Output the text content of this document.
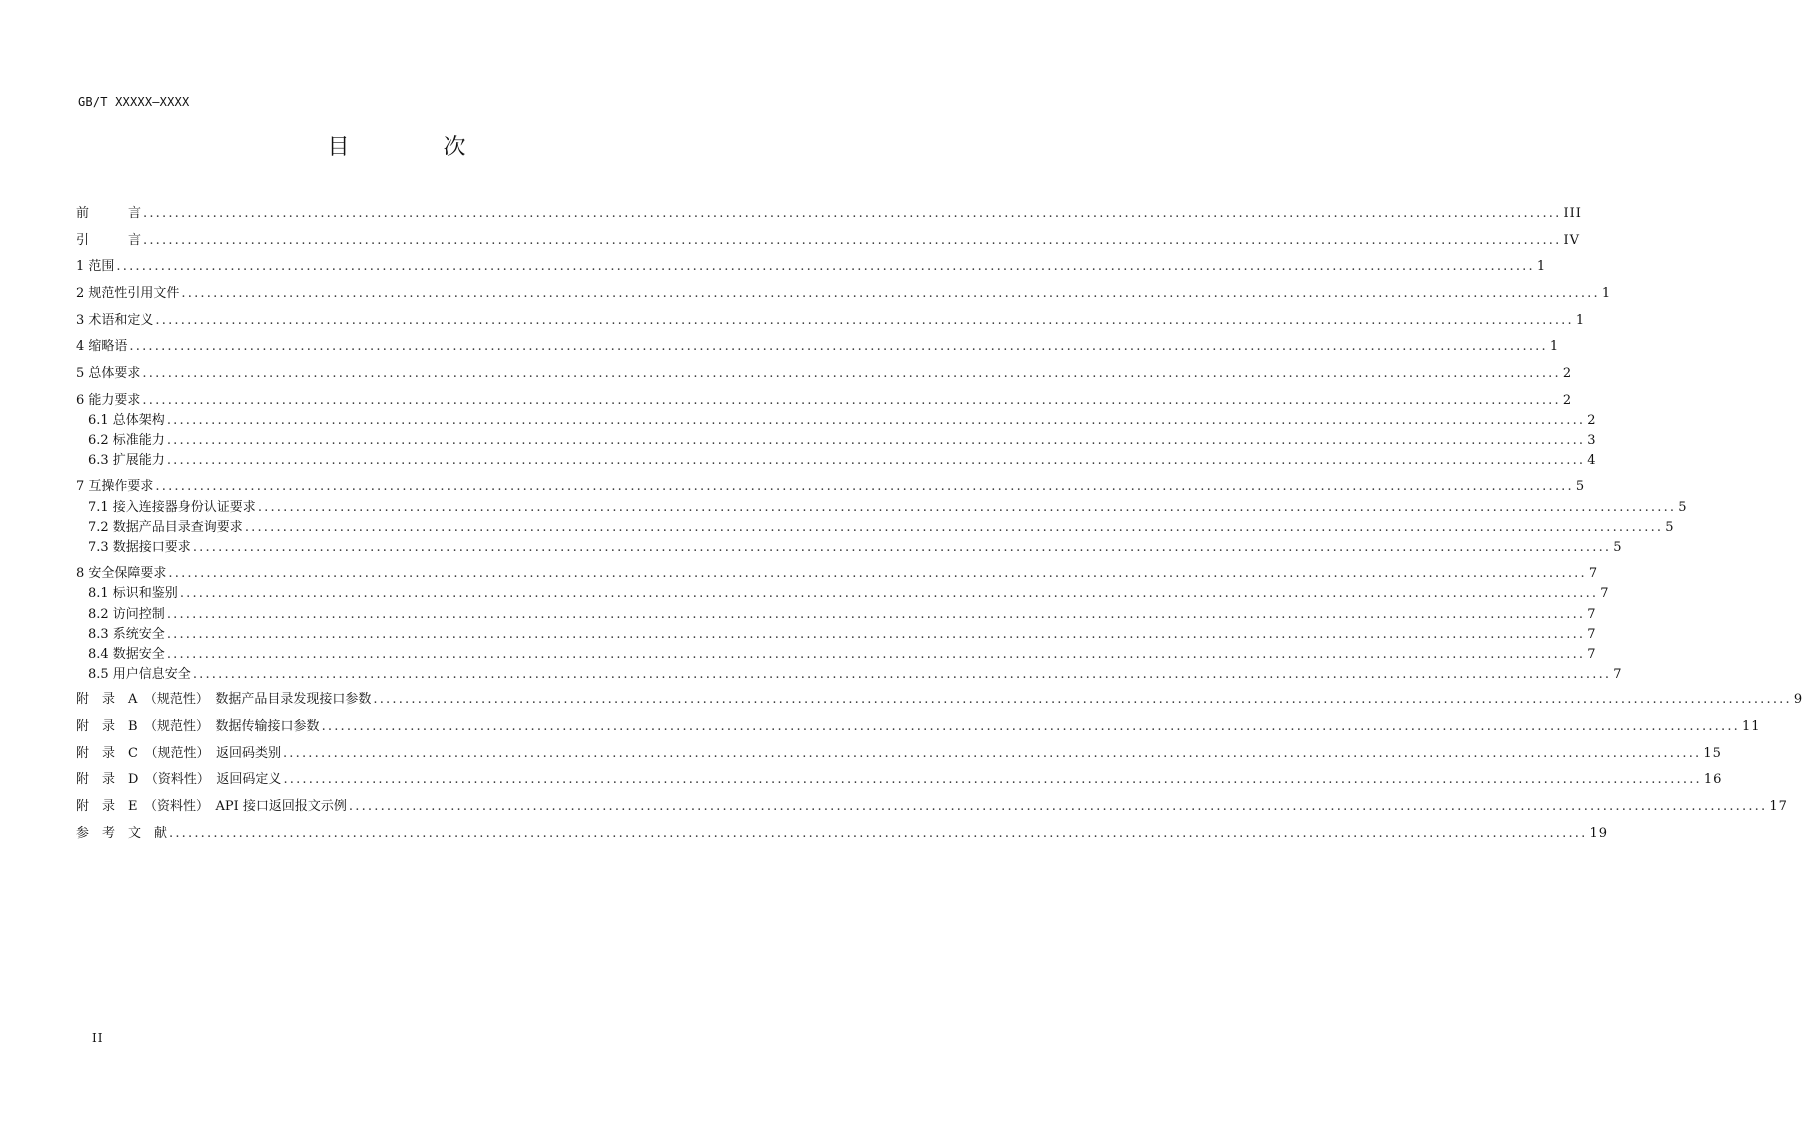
GB/T XXXXX—XXXX
目　次
前　　　言 ................................................................................................................................................................................................................................ III
引　　　言 ................................................................................................................................................................................................................................ IV
1 范围 ................................................................................................................................................................................................................................ 1
2 规范性引用文件 ................................................................................................................................................................................................................................ 1
3 术语和定义 ................................................................................................................................................................................................................................ 1
4 缩略语 ................................................................................................................................................................................................................................ 1
5 总体要求 ................................................................................................................................................................................................................................ 2
6 能力要求 ................................................................................................................................................................................................................................ 2
6.1 总体架构 ................................................................................................................................................................................................................................ 2
6.2 标准能力 ................................................................................................................................................................................................................................ 3
6.3 扩展能力 ................................................................................................................................................................................................................................ 4
7 互操作要求 ................................................................................................................................................................................................................................ 5
7.1 接入连接器身份认证要求 ................................................................................................................................................................................................................................ 5
7.2 数据产品目录查询要求 ................................................................................................................................................................................................................................ 5
7.3 数据接口要求 ................................................................................................................................................................................................................................ 5
8 安全保障要求 ................................................................................................................................................................................................................................ 7
8.1 标识和鉴别 ................................................................................................................................................................................................................................ 7
8.2 访问控制 ................................................................................................................................................................................................................................ 7
8.3 系统安全 ................................................................................................................................................................................................................................ 7
8.4 数据安全 ................................................................................................................................................................................................................................ 7
8.5 用户信息安全 ................................................................................................................................................................................................................................ 7
附　录　A　（规范性）　数据产品目录发现接口参数 ................................................................................................................................................................................................................................ 9
附　录　B　（规范性）　数据传输接口参数 ................................................................................................................................................................................................................................ 11
附　录　C　（规范性）　返回码类别 ................................................................................................................................................................................................................................ 15
附　录　D　（资料性）　返回码定义 ................................................................................................................................................................................................................................ 16
附　录　E　（资料性）　API 接口返回报文示例 ................................................................................................................................................................................................................................ 17
参　考　文　献 ................................................................................................................................................................................................................................ 19
II
